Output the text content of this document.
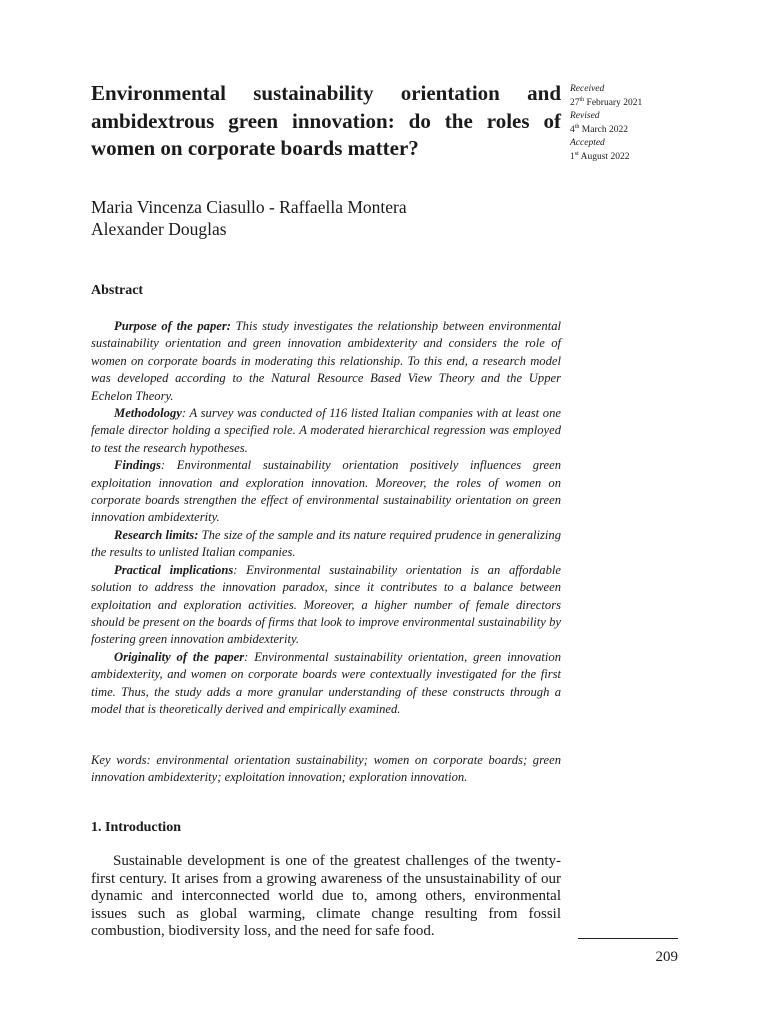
Environmental sustainability orientation and ambidextrous green innovation: do the roles of women on corporate boards matter?
Received
27th February 2021
Revised
4th March 2022
Accepted
1st August 2022
Maria Vincenza Ciasullo - Raffaella Montera
Alexander Douglas
Abstract

Purpose of the paper: This study investigates the relationship between environmental sustainability orientation and green innovation ambidexterity and considers the role of women on corporate boards in moderating this relationship. To this end, a research model was developed according to the Natural Resource Based View Theory and the Upper Echelon Theory.

Methodology: A survey was conducted of 116 listed Italian companies with at least one female director holding a specified role. A moderated hierarchical regression was employed to test the research hypotheses.

Findings: Environmental sustainability orientation positively influences green exploitation innovation and exploration innovation. Moreover, the roles of women on corporate boards strengthen the effect of environmental sustainability orientation on green innovation ambidexterity.

Research limits: The size of the sample and its nature required prudence in generalizing the results to unlisted Italian companies.

Practical implications: Environmental sustainability orientation is an affordable solution to address the innovation paradox, since it contributes to a balance between exploitation and exploration activities. Moreover, a higher number of female directors should be present on the boards of firms that look to improve environmental sustainability by fostering green innovation ambidexterity.

Originality of the paper: Environmental sustainability orientation, green innovation ambidexterity, and women on corporate boards were contextually investigated for the first time. Thus, the study adds a more granular understanding of these constructs through a model that is theoretically derived and empirically examined.

Key words: environmental orientation sustainability; women on corporate boards; green innovation ambidexterity; exploitation innovation; exploration innovation.
1. Introduction

Sustainable development is one of the greatest challenges of the twenty-first century. It arises from a growing awareness of the unsustainability of our dynamic and interconnected world due to, among others, environmental issues such as global warming, climate change resulting from fossil combustion, biodiversity loss, and the need for safe food.

209
